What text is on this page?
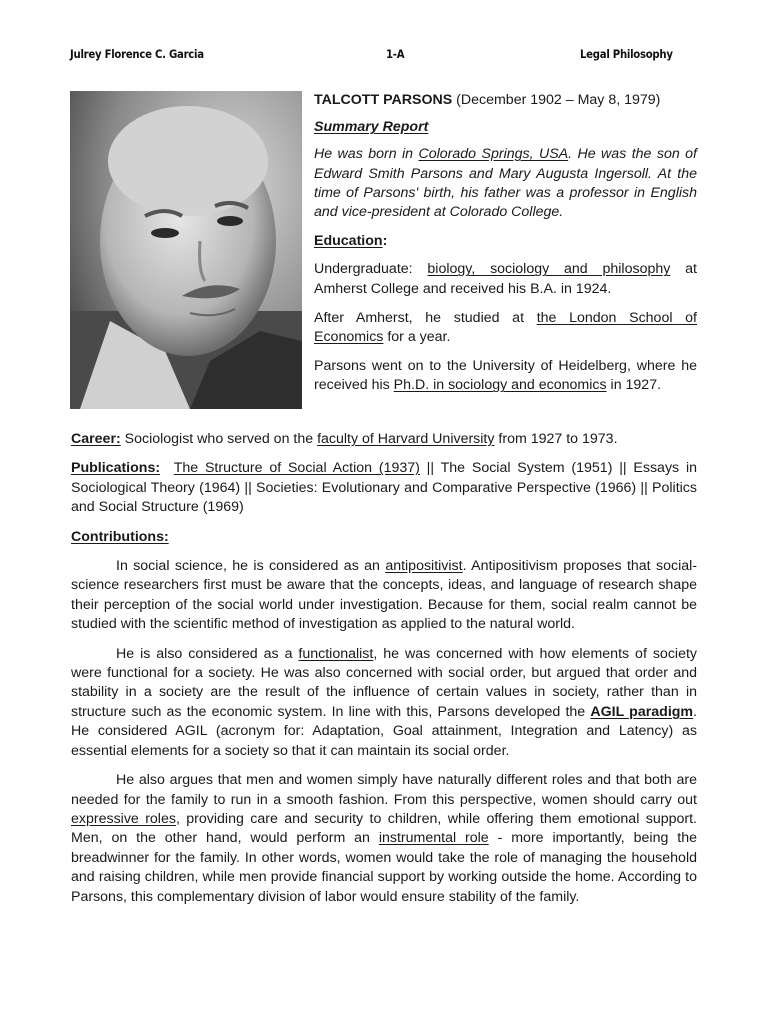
Julrey Florence C. Garcia	1-A	Legal Philosophy

TALCOTT PARSONS (December 1902 – May 8, 1979)

Summary Report

He was born in Colorado Springs, USA. He was the son of Edward Smith Parsons and Mary Augusta Ingersoll. At the time of Parsons' birth, his father was a professor in English and vice-president at Colorado College.

Education:

Undergraduate: biology, sociology and philosophy at Amherst College and received his B.A. in 1924.

After Amherst, he studied at the London School of Economics for a year.

Parsons went on to the University of Heidelberg, where he received his Ph.D. in sociology and economics in 1927.

Career: Sociologist who served on the faculty of Harvard University from 1927 to 1973.

Publications: The Structure of Social Action (1937) || The Social System (1951) || Essays in Sociological Theory (1964) || Societies: Evolutionary and Comparative Perspective (1966) || Politics and Social Structure (1969)

Contributions:

In social science, he is considered as an antipositivist. Antipositivism proposes that social-science researchers first must be aware that the concepts, ideas, and language of research shape their perception of the social world under investigation. Because for them, social realm cannot be studied with the scientific method of investigation as applied to the natural world.

He is also considered as a functionalist, he was concerned with how elements of society were functional for a society. He was also concerned with social order, but argued that order and stability in a society are the result of the influence of certain values in society, rather than in structure such as the economic system. In line with this, Parsons developed the AGIL paradigm. He considered AGIL (acronym for: Adaptation, Goal attainment, Integration and Latency) as essential elements for a society so that it can maintain its social order.

He also argues that men and women simply have naturally different roles and that both are needed for the family to run in a smooth fashion. From this perspective, women should carry out expressive roles, providing care and security to children, while offering them emotional support. Men, on the other hand, would perform an instrumental role - more importantly, being the breadwinner for the family. In other words, women would take the role of managing the household and raising children, while men provide financial support by working outside the home. According to Parsons, this complementary division of labor would ensure stability of the family.
